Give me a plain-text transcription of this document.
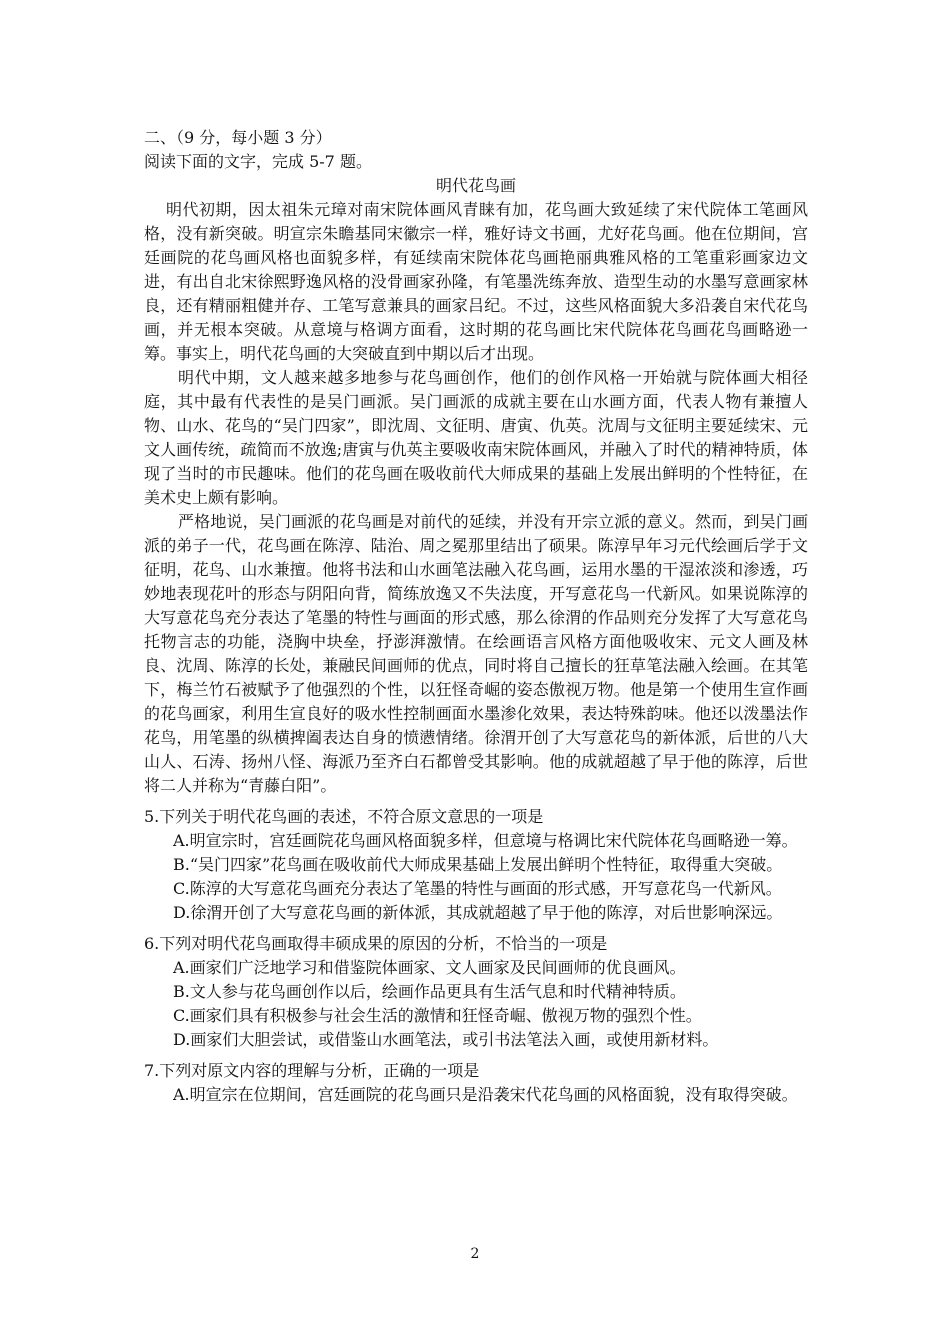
二、（9 分，每小题 3 分）

阅读下面的文字，完成 5-7 题。

明代花鸟画

明代初期，因太祖朱元璋对南宋院体画风青睐有加，花鸟画大致延续了宋代院体工笔画风格，没有新突破。明宣宗朱瞻基同宋徽宗一样，雅好诗文书画，尤好花鸟画。他在位期间，宫廷画院的花鸟画风格也面貌多样，有延续南宋院体花鸟画艳丽典雅风格的工笔重彩画家边文进，有出自北宋徐熙野逸风格的没骨画家孙隆，有笔墨洗练奔放、造型生动的水墨写意画家林良，还有精丽粗健并存、工笔写意兼具的画家吕纪。不过，这些风格面貌大多沿袭自宋代花鸟画，并无根本突破。从意境与格调方面看，这时期的花鸟画比宋代院体花鸟画花鸟画略逊一筹。事实上，明代花鸟画的大突破直到中期以后才出现。

明代中期，文人越来越多地参与花鸟画创作，他们的创作风格一开始就与院体画大相径庭，其中最有代表性的是吴门画派。吴门画派的成就主要在山水画方面，代表人物有兼擅人物、山水、花鸟的“吴门四家”，即沈周、文征明、唐寅、仇英。沈周与文征明主要延续宋、元文人画传统，疏简而不放逸;唐寅与仇英主要吸收南宋院体画风，并融入了时代的精神特质，体现了当时的市民趣味。他们的花鸟画在吸收前代大师成果的基础上发展出鲜明的个性特征，在美术史上颇有影响。

严格地说，吴门画派的花鸟画是对前代的延续，并没有开宗立派的意义。然而，到吴门画派的弟子一代，花鸟画在陈淳、陆治、周之冕那里结出了硕果。陈淳早年习元代绘画后学于文征明，花鸟、山水兼擅。他将书法和山水画笔法融入花鸟画，运用水墨的干湿浓淡和渗透，巧妙地表现花叶的形态与阴阳向背，简练放逸又不失法度，开写意花鸟一代新风。如果说陈淳的大写意花鸟充分表达了笔墨的特性与画面的形式感，那么徐渭的作品则充分发挥了大写意花鸟托物言志的功能，浇胸中块垒，抒澎湃激情。在绘画语言风格方面他吸收宋、元文人画及林良、沈周、陈淳的长处，兼融民间画师的优点，同时将自己擅长的狂草笔法融入绘画。在其笔下，梅兰竹石被赋予了他强烈的个性，以狂怪奇崛的姿态傲视万物。他是第一个使用生宣作画的花鸟画家，利用生宣良好的吸水性控制画面水墨渗化效果，表达特殊韵味。他还以泼墨法作花鸟，用笔墨的纵横捭阖表达自身的愤懑情绪。徐渭开创了大写意花鸟的新体派，后世的八大山人、石涛、扬州八怪、海派乃至齐白石都曾受其影响。他的成就超越了早于他的陈淳，后世将二人并称为“青藤白阳”。

5.下列关于明代花鸟画的表述，不符合原文意思的一项是

A.明宣宗时，宫廷画院花鸟画风格面貌多样，但意境与格调比宋代院体花鸟画略逊一筹。

B.“吴门四家”花鸟画在吸收前代大师成果基础上发展出鲜明个性特征，取得重大突破。

C.陈淳的大写意花鸟画充分表达了笔墨的特性与画面的形式感，开写意花鸟一代新风。

D.徐渭开创了大写意花鸟画的新体派，其成就超越了早于他的陈淳，对后世影响深远。

6.下列对明代花鸟画取得丰硕成果的原因的分析，不恰当的一项是

A.画家们广泛地学习和借鉴院体画家、文人画家及民间画师的优良画风。

B.文人参与花鸟画创作以后，绘画作品更具有生活气息和时代精神特质。

C.画家们具有积极参与社会生活的激情和狂怪奇崛、傲视万物的强烈个性。

D.画家们大胆尝试，或借鉴山水画笔法，或引书法笔法入画，或使用新材料。

7.下列对原文内容的理解与分析，正确的一项是

A.明宣宗在位期间，宫廷画院的花鸟画只是沿袭宋代花鸟画的风格面貌，没有取得突破。

2
